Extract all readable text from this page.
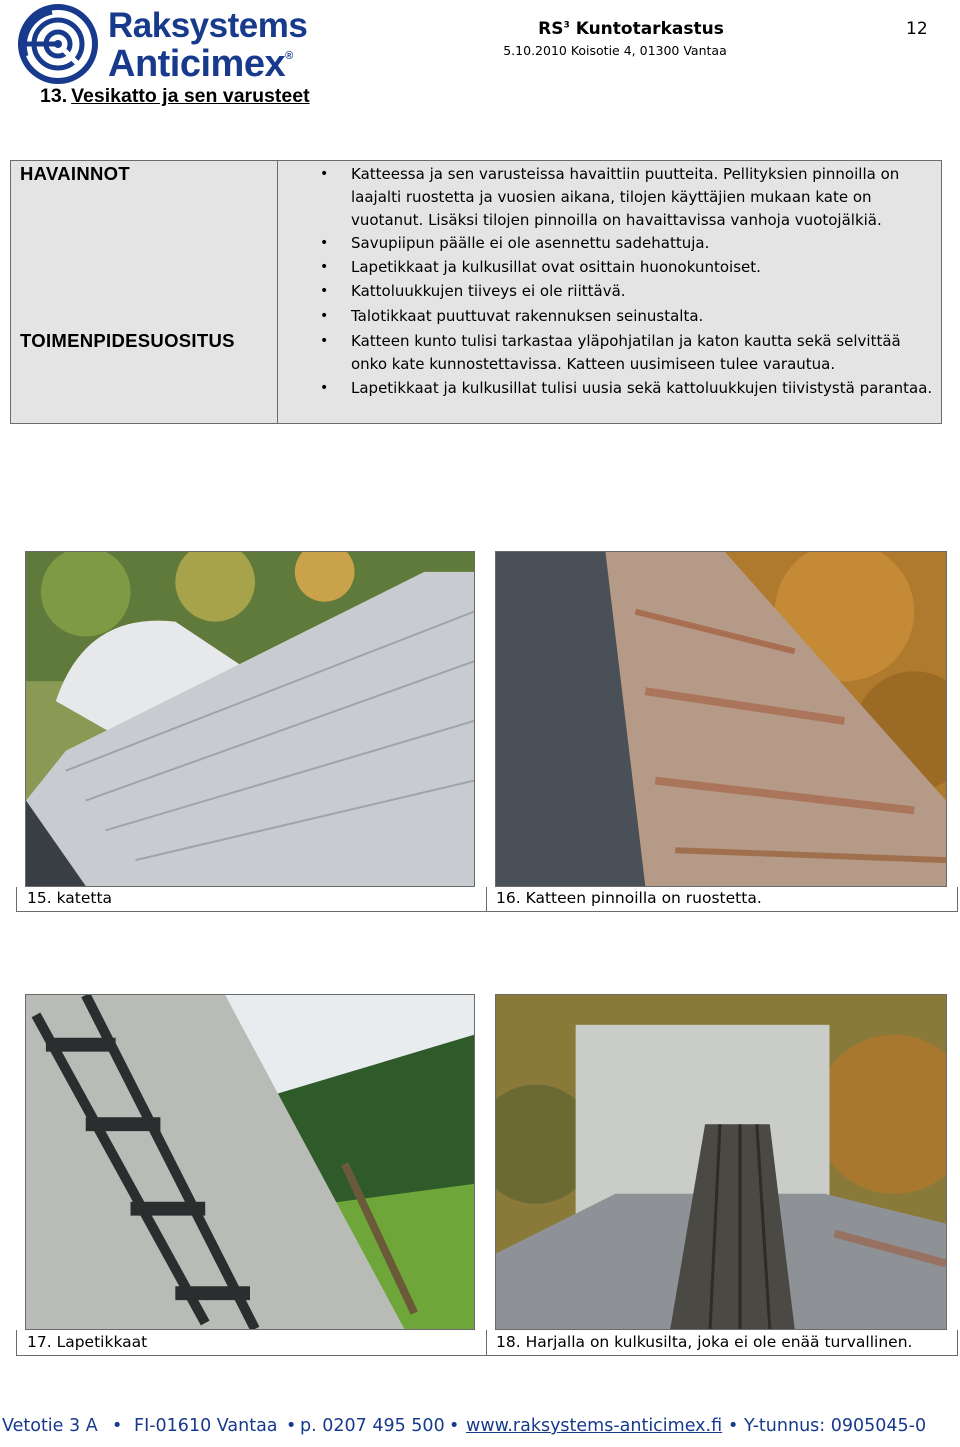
Raksystems
Anticimex®
13. Vesikatto ja sen varusteet
$RS^3$ Kuntotarkastus
5.10.2010 Koisotie 4, 01300 Vantaa
12
HAVAINNOT
TOIMENPIDESUOSITUS
• Katteessa ja sen varusteissa havaittiin puutteita. Pellityksien pinnoilla on laajalti ruostetta ja vuosien aikana, tilojen käyttäjien mukaan kate on vuotanut. Lisäksi tilojen pinnoilla on havaittavissa vanhoja vuotojälkiä.
• Savupiipun päälle ei ole asennettu sadehattuja.
• Lapetikkaat ja kulkusillat ovat osittain huonokuntoiset.
• Kattoluukkujen tiiveys ei ole riittävä.
• Talotikkaat puuttuvat rakennuksen seinustalta.
• Katteen kunto tulisi tarkastaa yläpohjatilan ja katon kautta sekä selvittää onko kate kunnostettavissa. Katteen uusimiseen tulee varautua.
• Lapetikkaat ja kulkusillat tulisi uusia sekä kattoluukkujen tiivistystä parantaa.
15. katetta	16. Katteen pinnoilla on ruostetta.
17. Lapetikkaat	18. Harjalla on kulkusilta, joka ei ole enää turvallinen.
Vetotie 3 A • FI-01610 Vantaa • p. 0207 495 500 • www.raksystems-anticimex.fi • Y-tunnus: 0905045-0
